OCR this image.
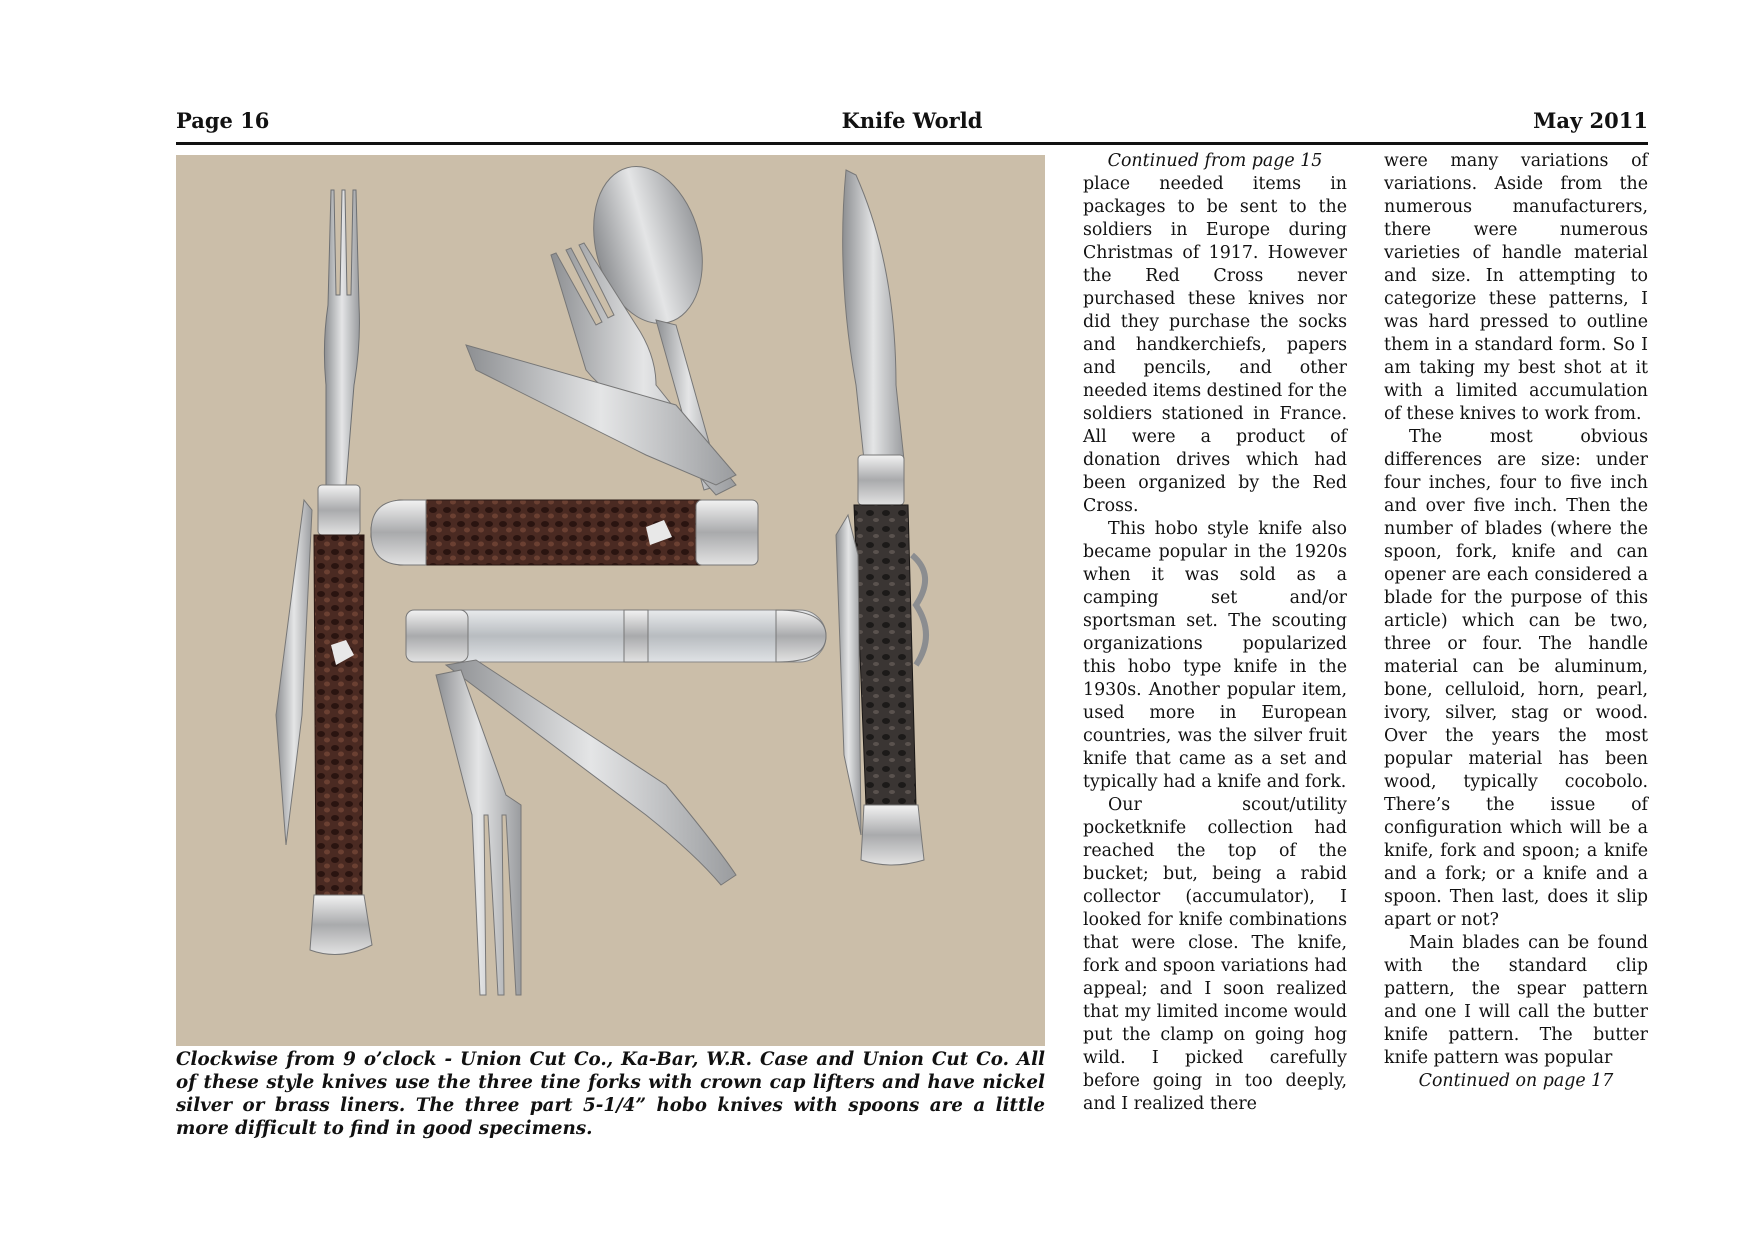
Page 16	Knife World	May 2011
Clockwise from 9 o’clock - Union Cut Co., Ka-Bar, W.R. Case and Union Cut Co. All of these style knives use the three tine forks with crown cap lifters and have nickel silver or brass liners. The three part 5-1/4” hobo knives with spoons are a little more difficult to find in good specimens.

Continued from page 15

place needed items in packages to be sent to the soldiers in Europe during Christmas of 1917. However the Red Cross never purchased these knives nor did they purchase the socks and handkerchiefs, papers and pencils, and other needed items destined for the soldiers stationed in France. All were a product of donation drives which had been organized by the Red Cross.

This hobo style knife also became popular in the 1920s when it was sold as a camping set and/or sportsman set. The scouting organizations popularized this hobo type knife in the 1930s. Another popular item, used more in European countries, was the silver fruit knife that came as a set and typically had a knife and fork.

Our scout/utility pocketknife collection had reached the top of the bucket; but, being a rabid collector (accumulator), I looked for knife combinations that were close. The knife, fork and spoon variations had appeal; and I soon realized that my limited income would put the clamp on going hog wild. I picked carefully before going in too deeply, and I realized there

were many variations of variations. Aside from the numerous manufacturers, there were numerous varieties of handle material and size. In attempting to categorize these patterns, I was hard pressed to outline them in a standard form. So I am taking my best shot at it with a limited accumulation of these knives to work from.

The most obvious differences are size: under four inches, four to five inch and over five inch. Then the number of blades (where the spoon, fork, knife and can opener are each considered a blade for the purpose of this article) which can be two, three or four. The handle material can be aluminum, bone, celluloid, horn, pearl, ivory, silver, stag or wood. Over the years the most popular material has been wood, typically cocobolo. There’s the issue of configuration which will be a knife, fork and spoon; a knife and a fork; or a knife and a spoon. Then last, does it slip apart or not?

Main blades can be found with the standard clip pattern, the spear pattern and one I will call the butter knife pattern. The butter knife pattern was popular

Continued on page 17
